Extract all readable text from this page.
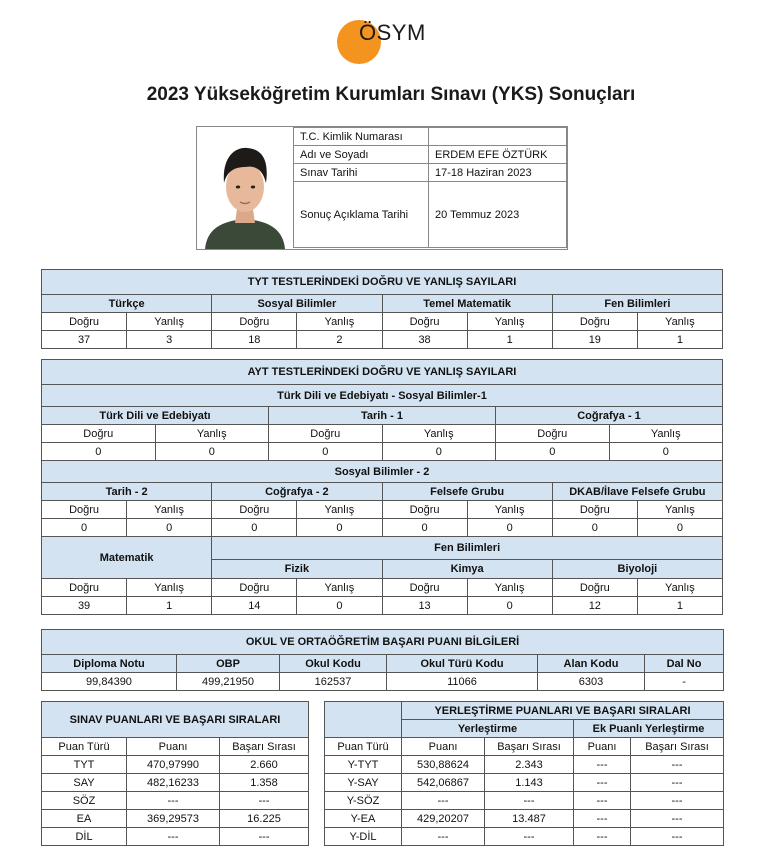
ÖSYM
2023 Yükseköğretim Kurumları Sınavı (YKS) Sonuçları
T.C. Kimlik Numarası	
Adı ve Soyadı	ERDEM EFE ÖZTÜRK
Sınav Tarihi	17-18 Haziran 2023
Sonuç Açıklama Tarihi	20 Temmuz 2023
TYT TESTLERİNDEKİ DOĞRU VE YANLIŞ SAYILARI							
Türkçe		Sosyal Bilimler		Temel Matematik		Fen Bilimleri	
Doğru	Yanlış	Doğru	Yanlış	Doğru	Yanlış	Doğru	Yanlış
37	3	18	2	38	1	19	1
AYT TESTLERİNDEKİ DOĞRU VE YANLIŞ SAYILARI											
Türk Dili ve Edebiyatı - Sosyal Bilimler-1											
Türk Dili ve Edebiyatı				Tarih - 1				Coğrafya - 1			
Doğru		Yanlış		Doğru		Yanlış		Doğru		Yanlış	
0		0		0		0		0		0	
Sosyal Bilimler - 2											
Tarih - 2			Coğrafya - 2			Felsefe Grubu			DKAB/İlave Felsefe Grubu		
Doğru	Yanlış		Doğru		Yanlış	Doğru	Yanlış		Doğru		Yanlış
0	0		0		0	0	0		0		0
Matematik			Fen Bilimleri								
			Fizik			Kimya			Biyoloji		
Doğru	Yanlış		Doğru		Yanlış	Doğru	Yanlış		Doğru		Yanlış
39	1		14		0	13	0		12		1
OKUL VE ORTAÖĞRETİM BAŞARI PUANI BİLGİLERİ					
Diploma Notu	OBP	Okul Kodu	Okul Türü Kodu	Alan Kodu	Dal No
99,84390	499,21950	162537	11066	6303	-
SINAV PUANLARI VE BAŞARI SIRALARI		
Puan Türü	Puanı	Başarı Sırası
TYT	470,97990	2.660
SAY	482,16233	1.358
SÖZ	---	---
EA	369,29573	16.225
DİL	---	---
	YERLEŞTİRME PUANLARI VE BAŞARI SIRALARI			
	Yerleştirme		Ek Puanlı Yerleştirme	
Puan Türü	Puanı	Başarı Sırası	Puanı	Başarı Sırası
Y-TYT	530,88624	2.343	---	---
Y-SAY	542,06867	1.143	---	---
Y-SÖZ	---	---	---	---
Y-EA	429,20207	13.487	---	---
Y-DİL	---	---	---	---
